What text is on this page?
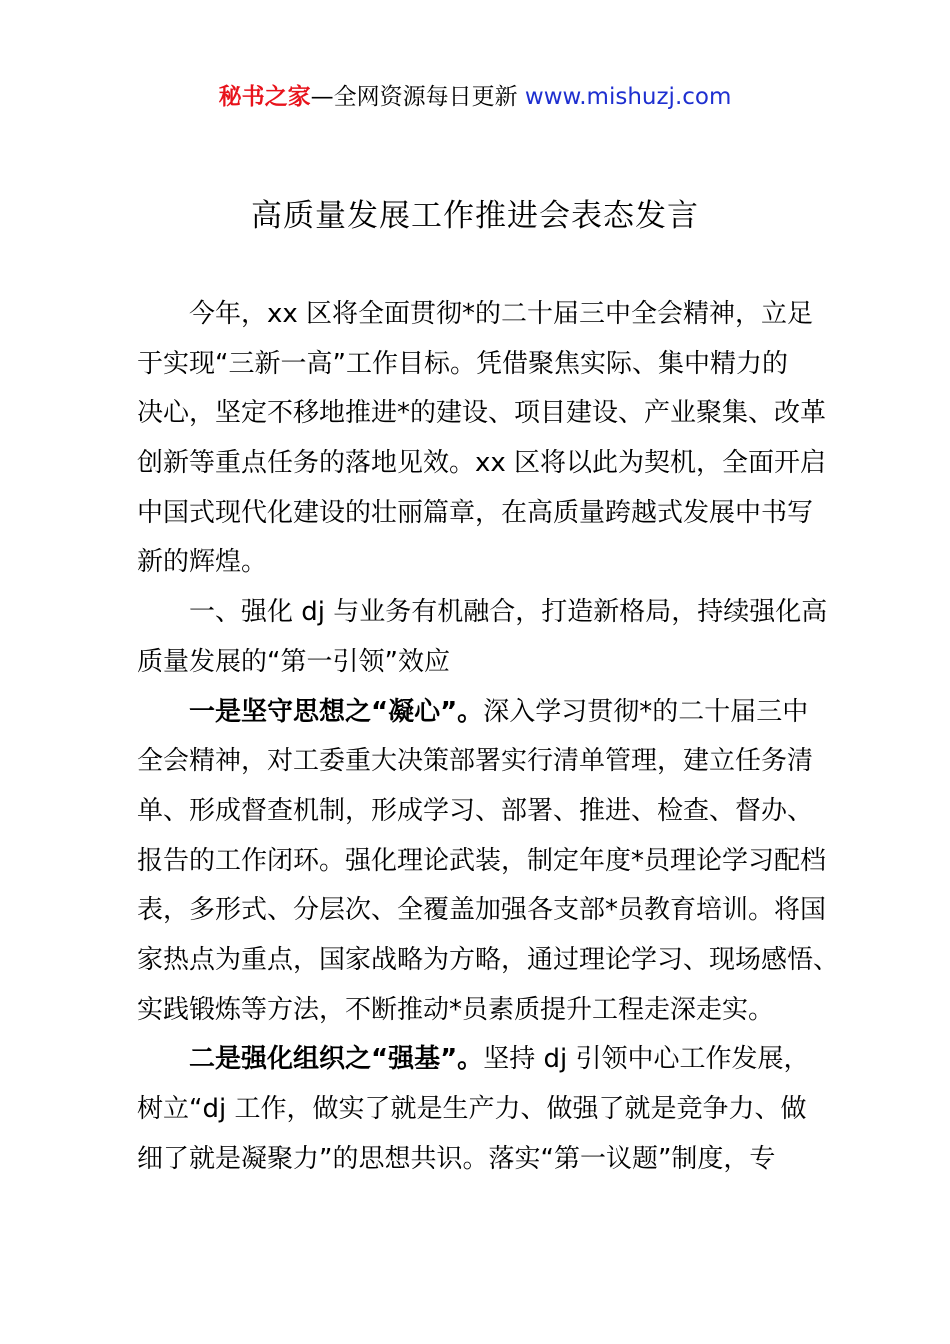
秘书之家—全网资源每日更新 www.mishuzj.com
高质量发展工作推进会表态发言
今年，xx 区将全面贯彻*的二十届三中全会精神，立足
于实现“三新一高”工作目标。凭借聚焦实际、集中精力的
决心，坚定不移地推进*的建设、项目建设、产业聚集、改革
创新等重点任务的落地见效。xx 区将以此为契机，全面开启
中国式现代化建设的壮丽篇章，在高质量跨越式发展中书写
新的辉煌。
一、强化 dj 与业务有机融合，打造新格局，持续强化高
质量发展的“第一引领”效应
一是坚守思想之“凝心”。深入学习贯彻*的二十届三中
全会精神，对工委重大决策部署实行清单管理，建立任务清
单、形成督查机制，形成学习、部署、推进、检查、督办、
报告的工作闭环。强化理论武装，制定年度*员理论学习配档
表，多形式、分层次、全覆盖加强各支部*员教育培训。将国
家热点为重点，国家战略为方略，通过理论学习、现场感悟、
实践锻炼等方法，不断推动*员素质提升工程走深走实。
二是强化组织之“强基”。坚持 dj 引领中心工作发展，
树立“dj 工作，做实了就是生产力、做强了就是竞争力、做
细了就是凝聚力”的思想共识。落实“第一议题”制度，专
